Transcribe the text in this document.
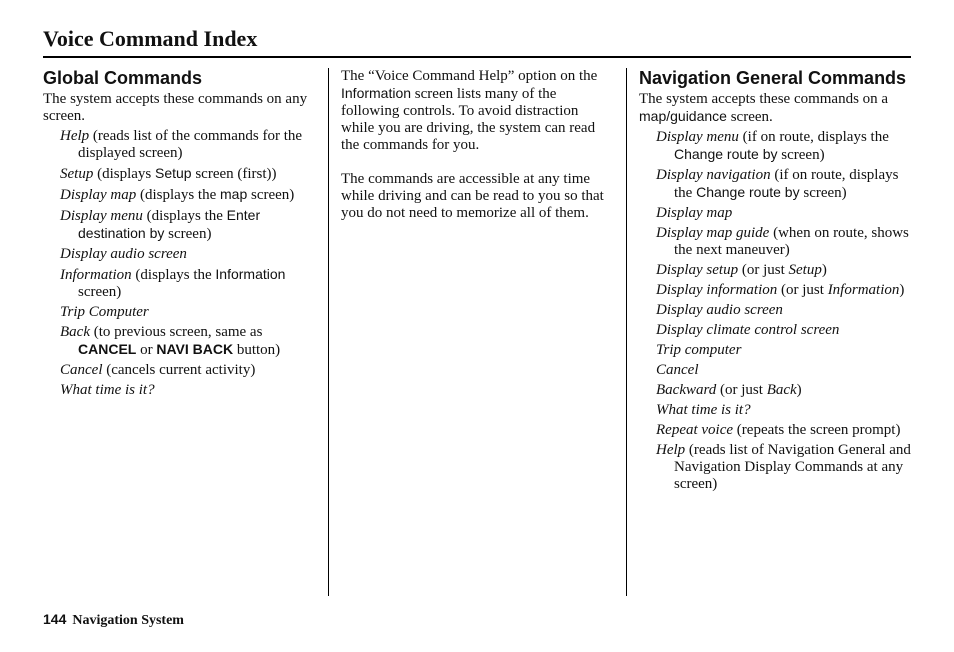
Voice Command Index
Global Commands

The system accepts these commands on any screen.

Help (reads list of the commands for the displayed screen)
Setup (displays Setup screen (first))
Display map (displays the map screen)
Display menu (displays the Enter destination by screen)
Display audio screen
Information (displays the Information screen)
Trip Computer
Back (to previous screen, same as CANCEL or NAVI BACK button)
Cancel (cancels current activity)
What time is it?

The “Voice Command Help” option on the Information screen lists many of the following controls. To avoid distraction while you are driving, the system can read the commands for you.

The commands are accessible at any time while driving and can be read to you so that you do not need to memorize all of them.

Navigation General Commands

The system accepts these commands on a map/guidance screen.

Display menu (if on route, displays the Change route by screen)
Display navigation (if on route, displays the Change route by screen)
Display map
Display map guide (when on route, shows the next maneuver)
Display setup (or just Setup)
Display information (or just Information)
Display audio screen
Display climate control screen
Trip computer
Cancel
Backward (or just Back)
What time is it?
Repeat voice (repeats the screen prompt)
Help (reads list of Navigation General and Navigation Display Commands at any screen)
144 Navigation System
